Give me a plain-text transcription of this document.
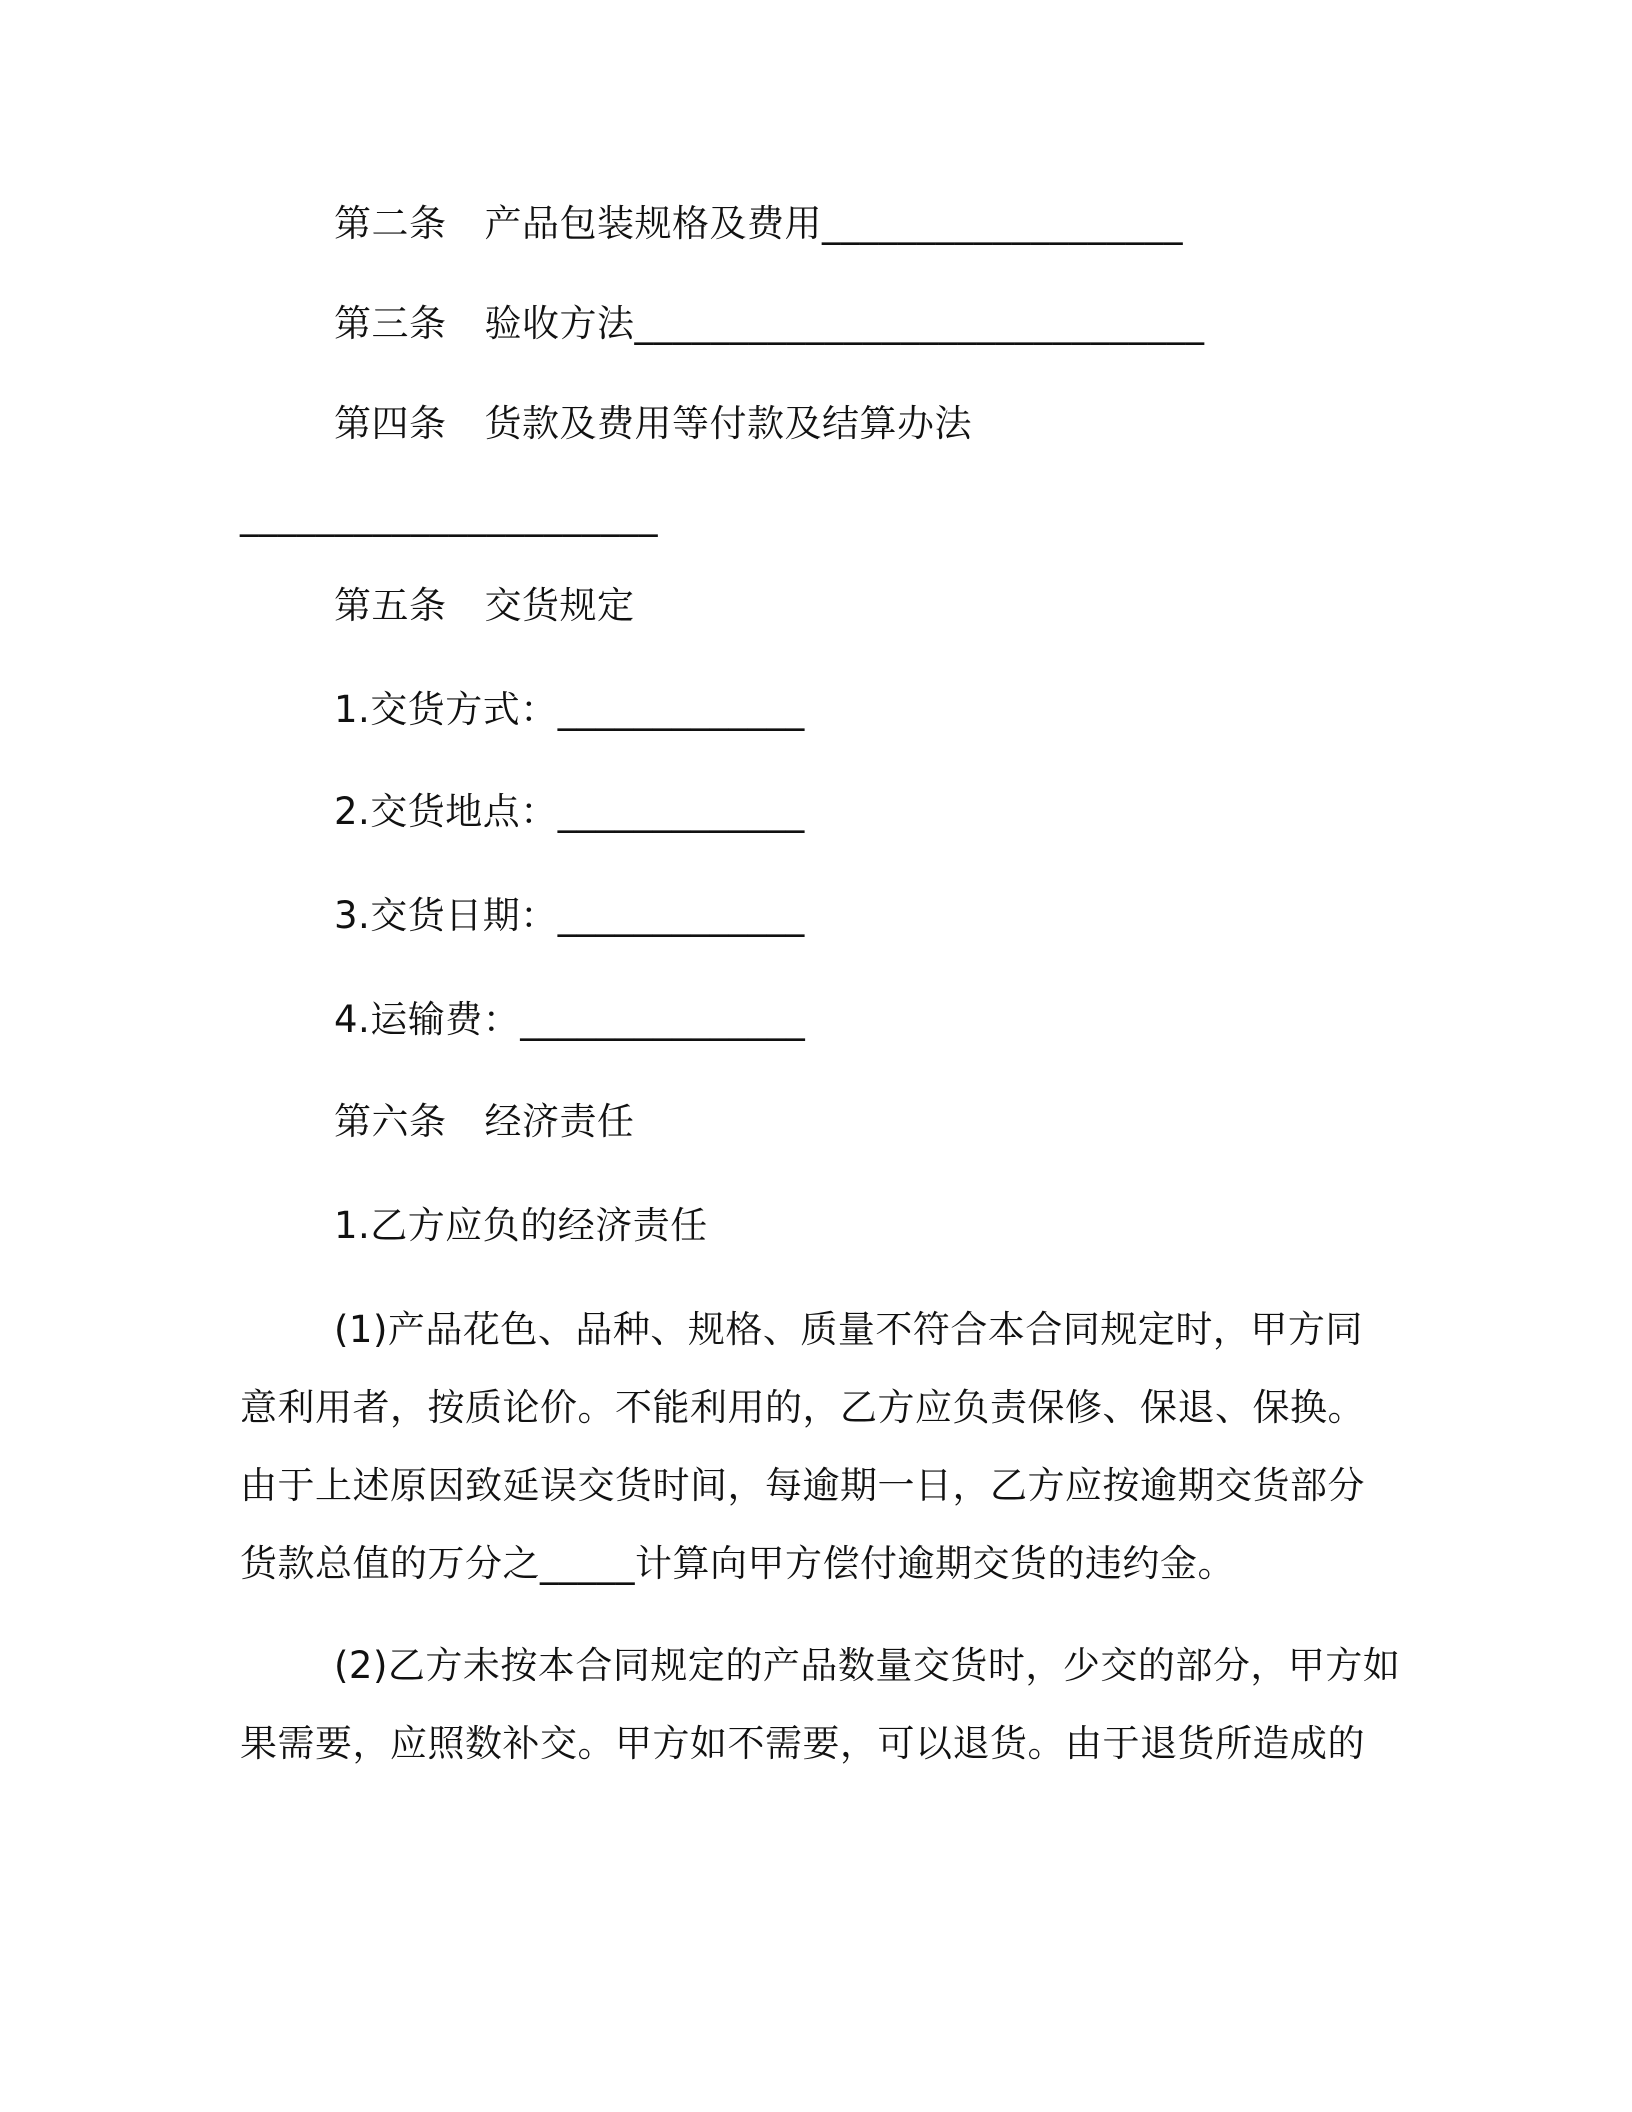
第二条 产品包装规格及费用___________________
第三条 验收方法______________________________
第四条 货款及费用等付款及结算办法
______________________
第五条 交货规定
1.交货方式：_____________
2.交货地点：_____________
3.交货日期：_____________
4.运输费：_______________
第六条 经济责任
1.乙方应负的经济责任
(1)产品花色、品种、规格、质量不符合本合同规定时，甲方同
意利用者，按质论价。不能利用的，乙方应负责保修、保退、保换。
由于上述原因致延误交货时间，每逾期一日，乙方应按逾期交货部分
货款总值的万分之_____计算向甲方偿付逾期交货的违约金。
(2)乙方未按本合同规定的产品数量交货时，少交的部分，甲方如
果需要，应照数补交。甲方如不需要，可以退货。由于退货所造成的
